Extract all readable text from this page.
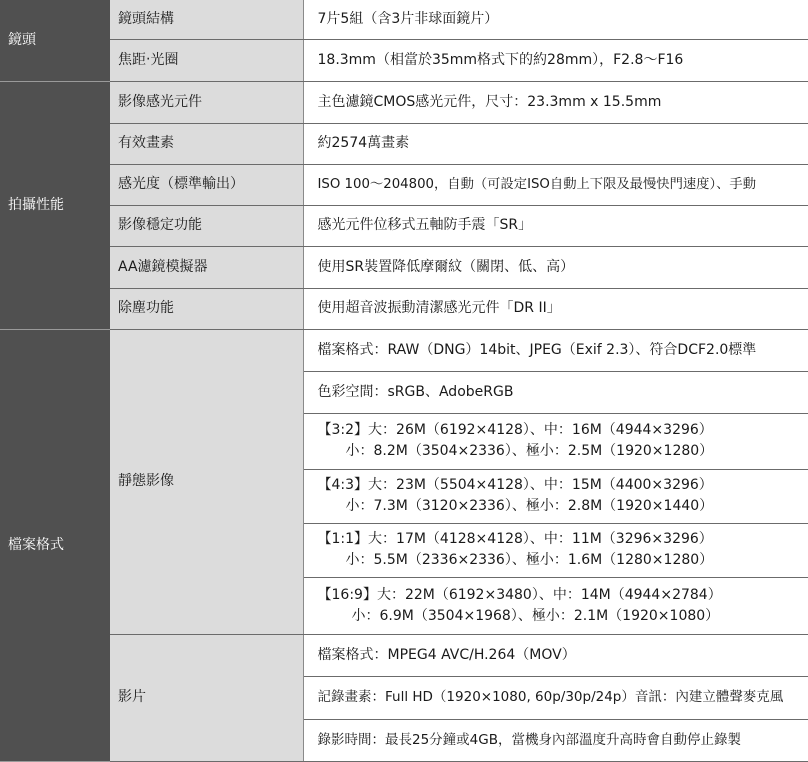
鏡頭	鏡頭結構	7片5組（含3片非球面鏡片）
	焦距‧光圈	18.3mm（相當於35mm格式下的約28mm），F2.8～F16
拍攝性能	影像感光元件	主色濾鏡CMOS感光元件，尺寸：23.3mm x 15.5mm
	有效畫素	約2574萬畫素
	感光度（標準輸出）	ISO 100～204800，自動（可設定ISO自動上下限及最慢快門速度）、手動
	影像穩定功能	感光元件位移式五軸防手震「SR」
	AA濾鏡模擬器	使用SR裝置降低摩爾紋（關閉、低、高）
	除塵功能	使用超音波振動清潔感光元件「DR II」
檔案格式	靜態影像	檔案格式：RAW（DNG）14bit、JPEG（Exif 2.3）、符合DCF2.0標準
		色彩空間：sRGB、AdobeRGB

		【3:2】大：26M（6192×4128）、中：16M（4944×3296）
小：8.2M（3504×2336）、極小：2.5M（1920×1280）

		【4:3】大：23M（5504×4128）、中：15M（4400×3296）
小：7.3M（3120×2336）、極小：2.8M（1920×1440）

		【1:1】大：17M（4128×4128）、中：11M（3296×3296）
小：5.5M（2336×2336）、極小：1.6M（1280×1280）

		【16:9】大：22M（6192×3480）、中：14M（4944×2784）
小：6.9M（3504×1968）、極小：2.1M（1920×1080）

	影片	檔案格式：MPEG4 AVC/H.264（MOV）
		記錄畫素：Full HD（1920×1080, 60p/30p/24p）音訊：內建立體聲麥克風
		錄影時間：最長25分鐘或4GB，當機身內部溫度升高時會自動停止錄製
